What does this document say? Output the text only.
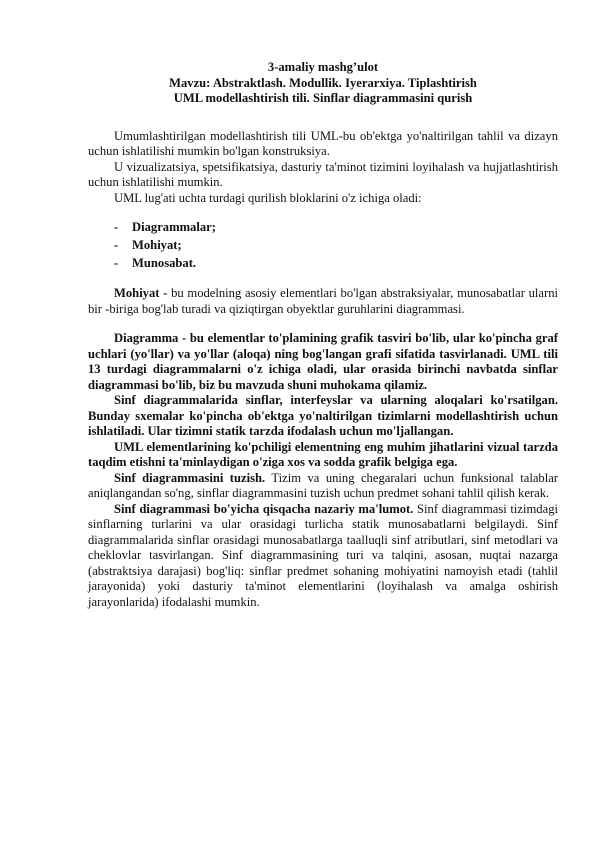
3-amaliy mashg’ulot
Mavzu: Abstraktlash. Modullik. Iyerarxiya. Tiplashtirish
UML modellashtirish tili. Sinflar diagrammasini qurish

Umumlashtirilgan modellashtirish tili UML-bu ob'ektga yo'naltirilgan tahlil va dizayn uchun ishlatilishi mumkin bo'lgan konstruksiya.

U vizualizatsiya, spetsifikatsiya, dasturiy ta'minot tizimini loyihalash va hujjatlashtirish uchun ishlatilishi mumkin.

UML lug'ati uchta turdagi qurilish bloklarini o'z ichiga oladi:

- Diagrammalar;
- Mohiyat;
- Munosabat.

Mohiyat - bu modelning asosiy elementlari bo'lgan abstraksiyalar, munosabatlar ularni bir -biriga bog'lab turadi va qiziqtirgan obyektlar guruhlarini diagrammasi.

Diagramma - bu elementlar to'plamining grafik tasviri bo'lib, ular ko'pincha graf uchlari (yo'llar) va yo'llar (aloqa) ning bog'langan grafi sifatida tasvirlanadi. UML tili 13 turdagi diagrammalarni o'z ichiga oladi, ular orasida birinchi navbatda sinflar diagrammasi bo'lib, biz bu mavzuda shuni muhokama qilamiz.

Sinf diagrammalarida sinflar, interfeyslar va ularning aloqalari ko'rsatilgan. Bunday sxemalar ko'pincha ob'ektga yo'naltirilgan tizimlarni modellashtirish uchun ishlatiladi. Ular tizimni statik tarzda ifodalash uchun mo'ljallangan.

UML elementlarining ko'pchiligi elementning eng muhim jihatlarini vizual tarzda taqdim etishni ta'minlaydigan o'ziga xos va sodda grafik belgiga ega.

Sinf diagrammasini tuzish. Tizim va uning chegaralari uchun funksional talablar aniqlangandan so'ng, sinflar diagrammasini tuzish uchun predmet sohani tahlil qilish kerak.

Sinf diagrammasi bo'yicha qisqacha nazariy ma'lumot. Sinf diagrammasi tizimdagi sinflarning turlarini va ular orasidagi turlicha statik munosabatlarni belgilaydi. Sinf diagrammalarida sinflar orasidagi munosabatlarga taalluqli sinf atributlari, sinf metodlari va cheklovlar tasvirlangan. Sinf diagrammasining turi va talqini, asosan, nuqtai nazarga (abstraktsiya darajasi) bog'liq: sinflar predmet sohaning mohiyatini namoyish etadi (tahlil jarayonida) yoki dasturiy ta'minot elementlarini (loyihalash va amalga oshirish jarayonlarida) ifodalashi mumkin.
